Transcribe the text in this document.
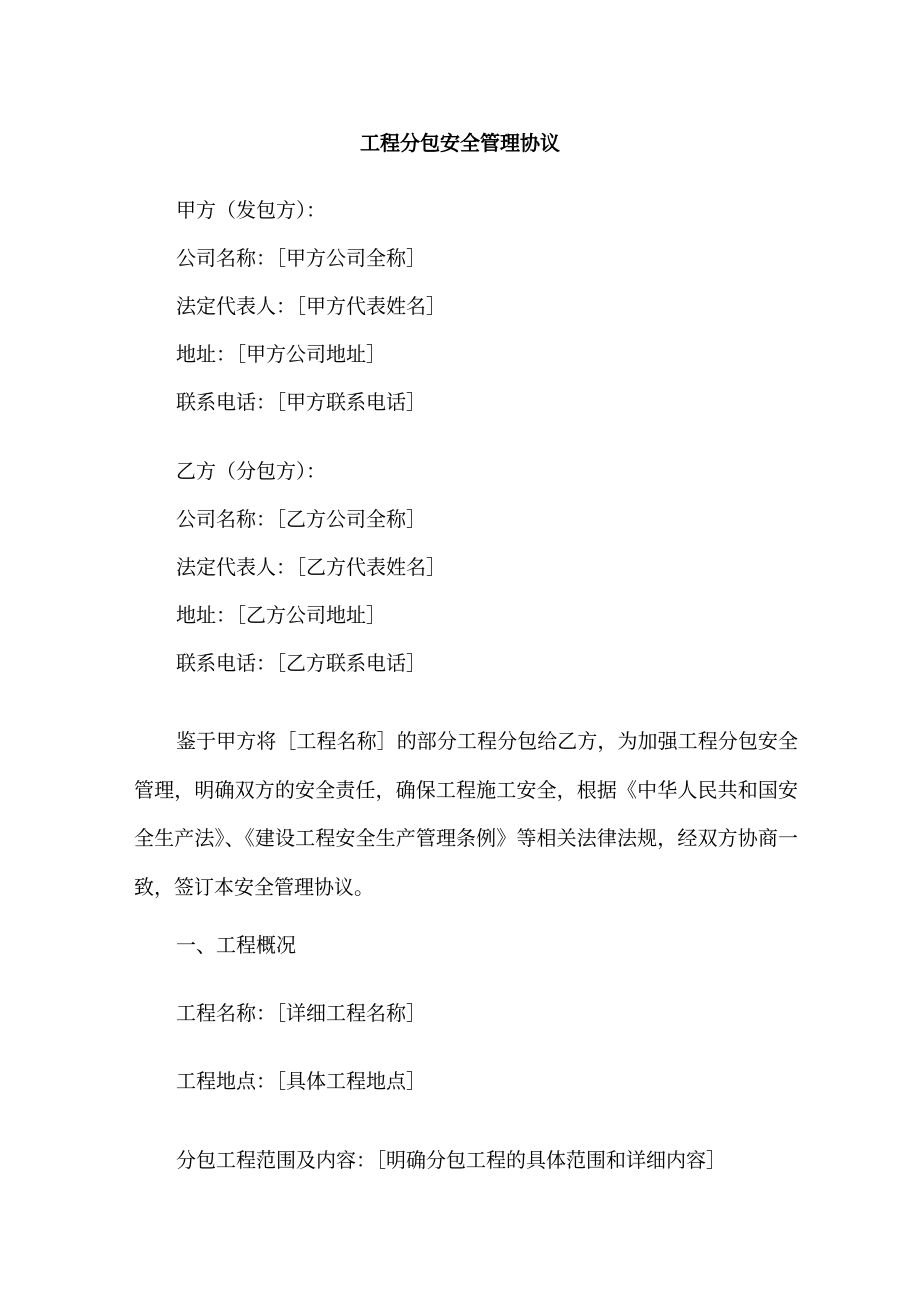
工程分包安全管理协议
甲方（发包方）：
公司名称：［甲方公司全称］
法定代表人：［甲方代表姓名］
地址：［甲方公司地址］
联系电话：［甲方联系电话］
乙方（分包方）：
公司名称：［乙方公司全称］
法定代表人：［乙方代表姓名］
地址：［乙方公司地址］
联系电话：［乙方联系电话］
鉴于甲方将［工程名称］的部分工程分包给乙方，为加强工程分包安全管理，明确双方的安全责任，确保工程施工安全，根据《中华人民共和国安全生产法》、《建设工程安全生产管理条例》等相关法律法规，经双方协商一致，签订本安全管理协议。
一、工程概况
工程名称：［详细工程名称］
工程地点：［具体工程地点］
分包工程范围及内容：［明确分包工程的具体范围和详细内容］
